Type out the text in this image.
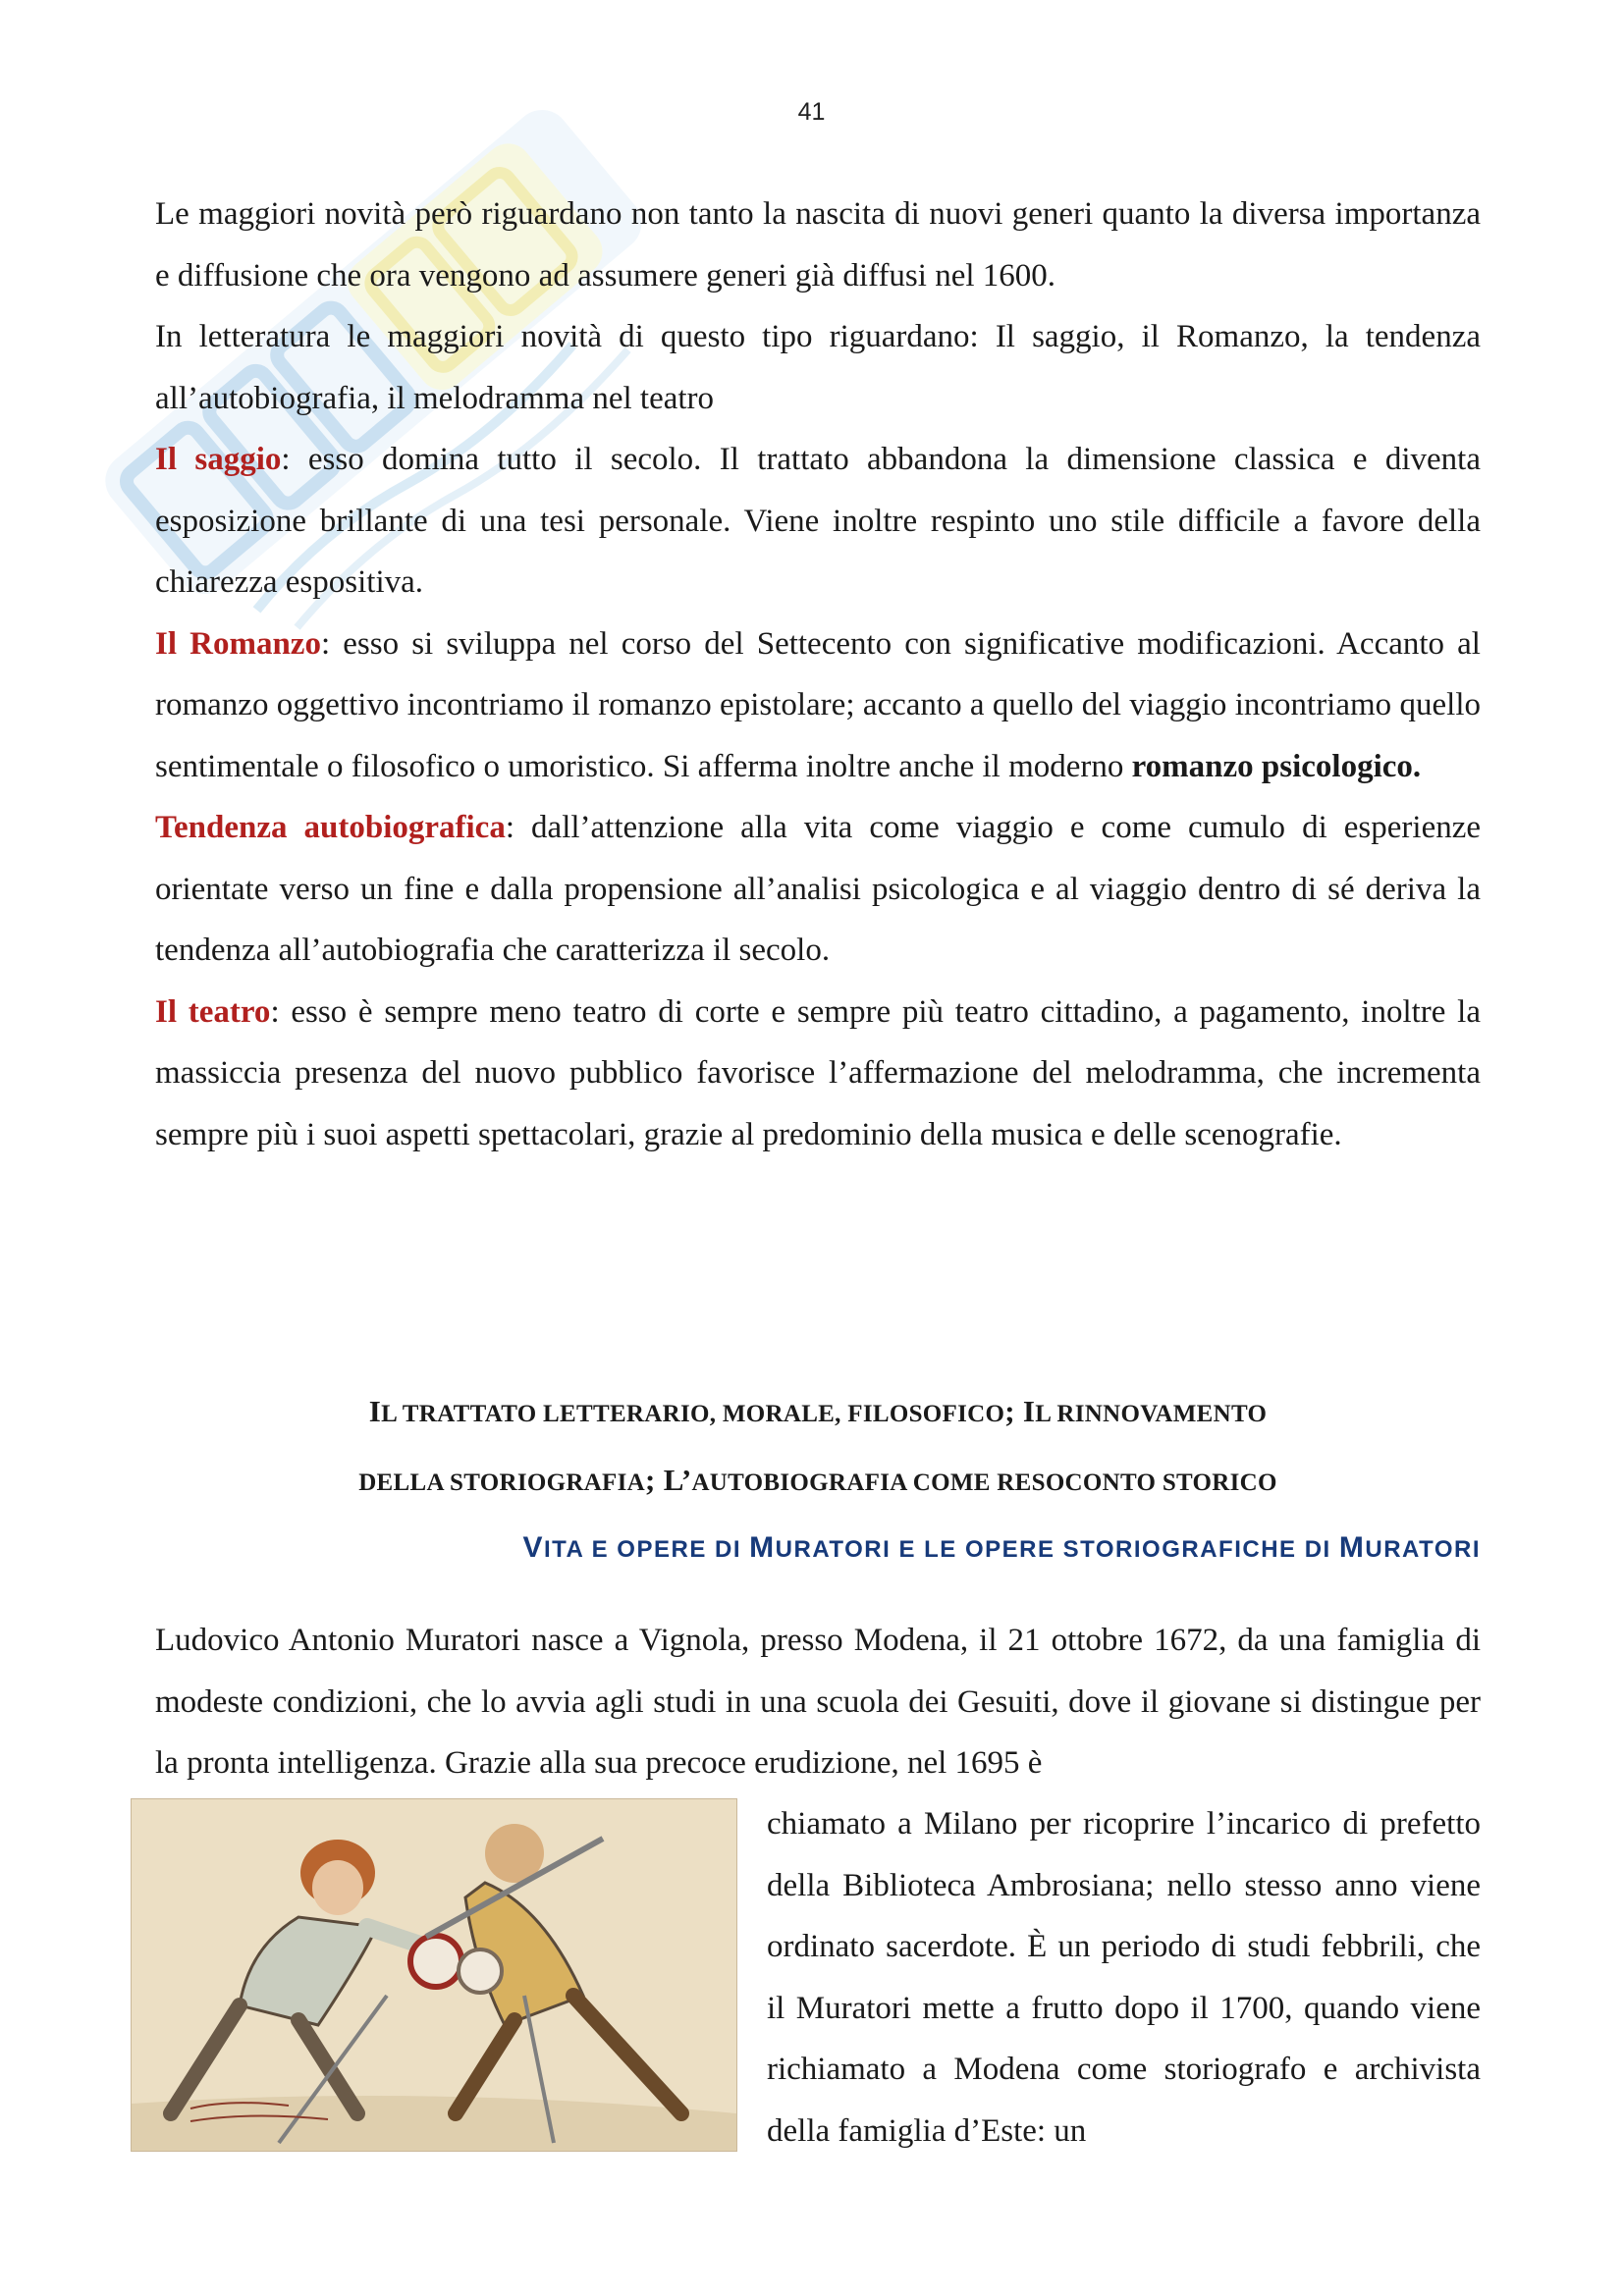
41

Le maggiori novità però riguardano non tanto la nascita di nuovi generi quanto la diversa importanza e diffusione che ora vengono ad assumere generi già diffusi nel 1600.

In letteratura le maggiori novità di questo tipo riguardano: Il saggio, il Romanzo, la tendenza all’autobiografia, il melodramma nel teatro

Il saggio: esso domina tutto il secolo. Il trattato abbandona la dimensione classica e diventa esposizione brillante di una tesi personale. Viene inoltre respinto uno stile difficile a favore della chiarezza espositiva.

Il Romanzo: esso si sviluppa nel corso del Settecento con significative modificazioni. Accanto al romanzo oggettivo incontriamo il romanzo epistolare; accanto a quello del viaggio incontriamo quello sentimentale o filosofico o umoristico. Si afferma inoltre anche il moderno romanzo psicologico.

Tendenza autobiografica: dall’attenzione alla vita come viaggio e come cumulo di esperienze orientate verso un fine e dalla propensione all’analisi psicologica e al viaggio dentro di sé deriva la tendenza all’autobiografia che caratterizza il secolo.

Il teatro: esso è sempre meno teatro di corte e sempre più teatro cittadino, a pagamento, inoltre la massiccia presenza del nuovo pubblico favorisce l’affermazione del melodramma, che incrementa sempre più i suoi aspetti spettacolari, grazie al predominio della musica e delle scenografie.

IL TRATTATO LETTERARIO, MORALE, FILOSOFICO; IL RINNOVAMENTO
DELLA STORIOGRAFIA; L’AUTOBIOGRAFIA COME RESOCONTO STORICO
VITA E OPERE DI MURATORI E LE OPERE STORIOGRAFICHE DI MURATORI

Ludovico Antonio Muratori nasce a Vignola, presso Modena, il 21 ottobre 1672, da una famiglia di modeste condizioni, che lo avvia agli studi in una scuola dei Gesuiti, dove il giovane si distingue per la pronta intelligenza. Grazie alla sua precoce erudizione, nel 1695 è

chiamato a Milano per ricoprire l’incarico di prefetto della Biblioteca Ambrosiana; nello stesso anno viene ordinato sacerdote. È un periodo di studi febbrili, che il Muratori mette a frutto dopo il 1700, quando viene richiamato a Modena come storiografo e archivista della famiglia d’Este: un
